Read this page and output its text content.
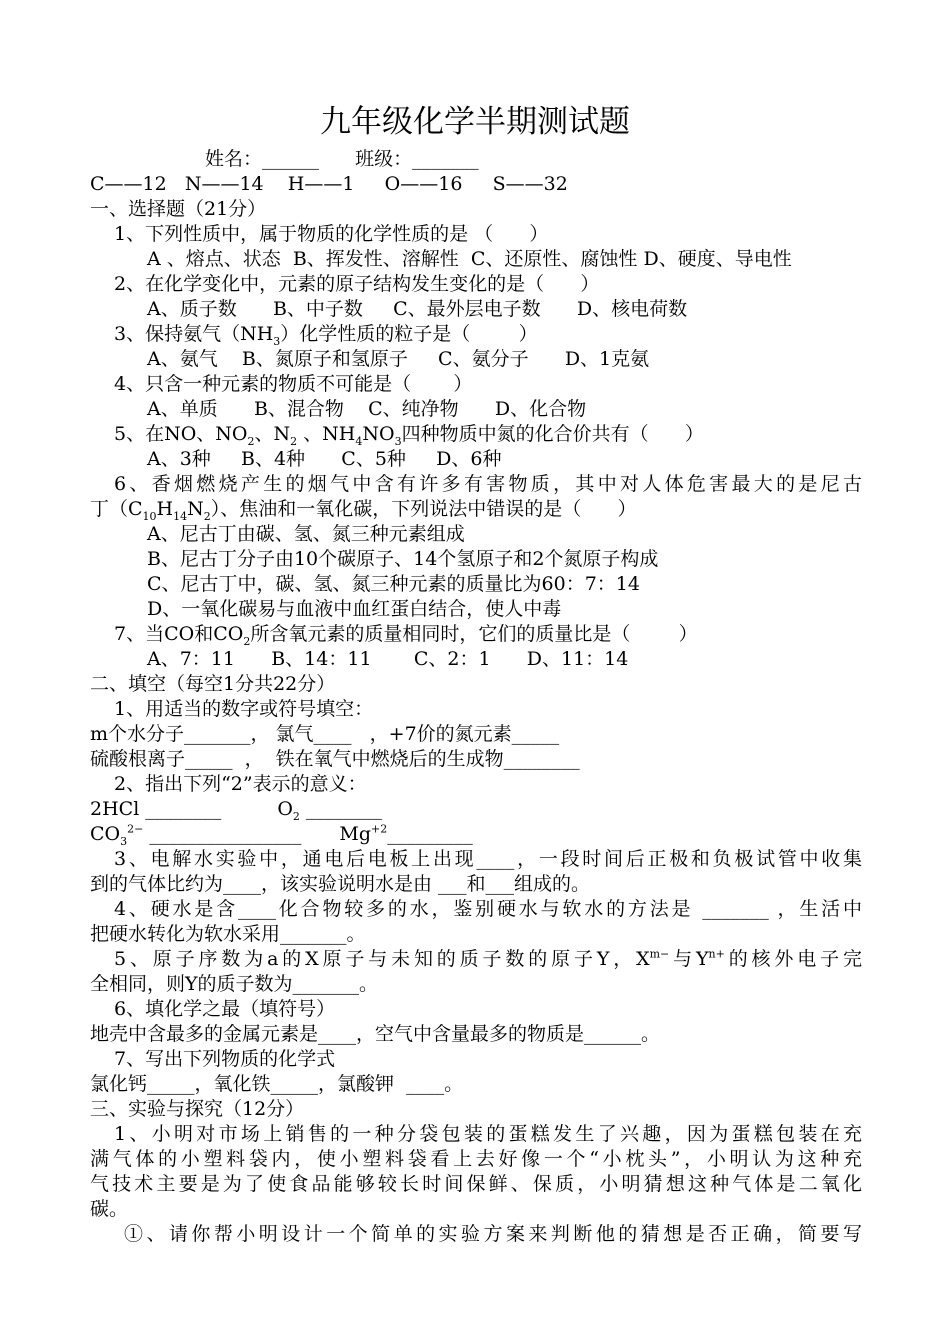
九年级化学半期测试题
姓名：______ 班级：_______
C——12   N——14    H——1     O——16     S——32
一、选择题（21分）
1、下列性质中，属于物质的化学性质的是 （      ）
A 、熔点、状态  B、挥发性、溶解性  C、还原性、腐蚀性 D、硬度、导电性
2、在化学变化中，元素的原子结构发生变化的是（      ）
A、质子数      B、中子数     C、最外层电子数      D、核电荷数
3、保持氨气$(NH_3)$化学性质的粒子是（        ）
A、氨气    B、氮原子和氢原子     C、氨分子      D、1克氨
4、只含一种元素的物质不可能是（       ）
A、单质      B、混合物    C、纯净物      D、化合物
5、在NO、$NO_2$、$N_2$ 、$NH_4NO_3$四种物质中氮的化合价共有（      ）
A、3种     B、4种      C、5种     D、6种
6、香烟燃烧产生的烟气中含有许多有害物质，其中对人体危害最大的是尼古
丁$(C_{10}H_{14}N_2)$、焦油和一氧化碳，下列说法中错误的是（      ）
A、尼古丁由碳、氢、氮三种元素组成
B、尼古丁分子由10个碳原子、14个氢原子和2个氮原子构成
C、尼古丁中，碳、氢、氮三种元素的质量比为60：7：14
D、一氧化碳易与血液中血红蛋白结合，使人中毒
7、当CO和$CO_2$所含氧元素的质量相同时，它们的质量比是（        ）
A、7：11      B、14：11       C、2：1      D、11：14
二、填空（每空1分共22分）
1、用适当的数字或符号填空：
m个水分子_______， 氯气____   ，+7价的氮元素_____
硫酸根离子_____  ，  铁在氧气中燃烧后的生成物________
2、指出下列“2”表示的意义：
2HCl ________	$O_2$ ________
$CO_3^{2-}$ ________________ $Mg^{+2}\_\_\_\_\_\_\_\_\_$
3、电解水实验中，通电后电板上出现____，一段时间后正极和负极试管中收集
到的气体比约为____，该实验说明水是由 ___和___组成的。
4、硬水是含____化合物较多的水，鉴别硬水与软水的方法是 _______ ，生活中
把硬水转化为软水采用_______。
5、原子序数为a的X原子与未知的质子数的原子Y，$X^{m-}$与$Y^{n+}$的核外电子完
全相同，则Y的质子数为_______。
6、填化学之最（填符号）
地壳中含最多的金属元素是____，空气中含量最多的物质是______。
7、写出下列物质的化学式
氯化钙_____，氧化铁_____，氯酸钾  ____。
三、实验与探究（12分）
1、小明对市场上销售的一种分袋包装的蛋糕发生了兴趣，因为蛋糕包装在充
满气体的小塑料袋内，使小塑料袋看上去好像一个“小枕头”，小明认为这种充
气技术主要是为了使食品能够较长时间保鲜、保质，小明猜想这种气体是二氧化
碳。
①、请你帮小明设计一个简单的实验方案来判断他的猜想是否正确，简要写
